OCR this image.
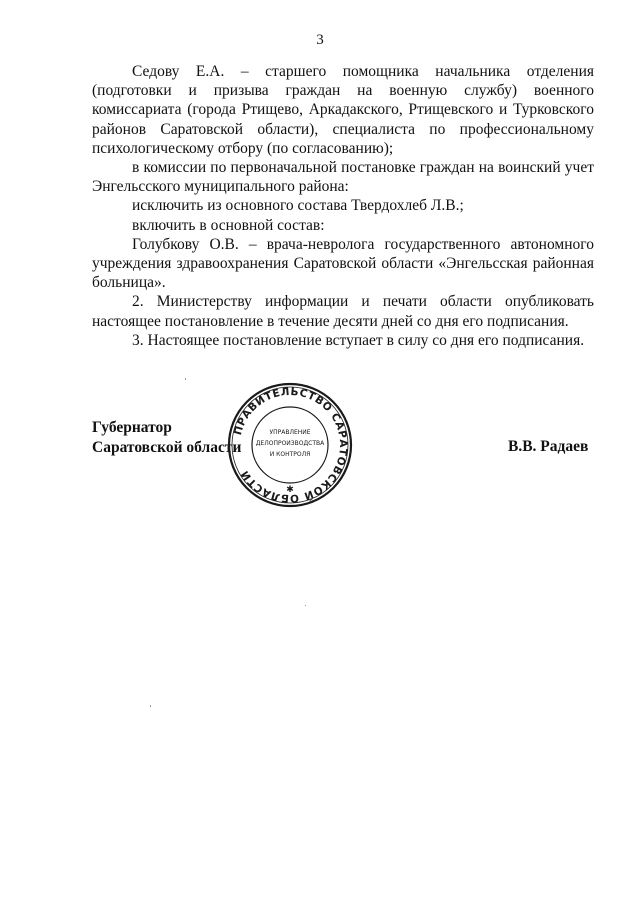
3

Седову Е.А. – старшего помощника начальника отделения (подготовки и призыва граждан на военную службу) военного комиссариата (города Ртищево, Аркадакского, Ртищевского и Турковского районов Саратовской области), специалиста по профессиональному психологическому отбору (по согласованию);

в комиссии по первоначальной постановке граждан на воинский учет Энгельсского муниципального района:

исключить из основного состава Твердохлеб Л.В.;

включить в основной состав:

Голубкову О.В. – врача-невролога государственного автономного учреждения здравоохранения Саратовской области «Энгельсская районная больница».

2. Министерству информации и печати области опубликовать настоящее постановление в течение десяти дней со дня его подписания.

3. Настоящее постановление вступает в силу со дня его подписания.

Губернатор
Саратовской области
ПРАВИТЕЛЬСТВО САРАТОВСКОЙ ОБЛАСТИ
УПРАВЛЕНИЕ
ДЕЛОПРОИЗВОДСТВА
И КОНТРОЛЯ
✱
В.В. Радаев
